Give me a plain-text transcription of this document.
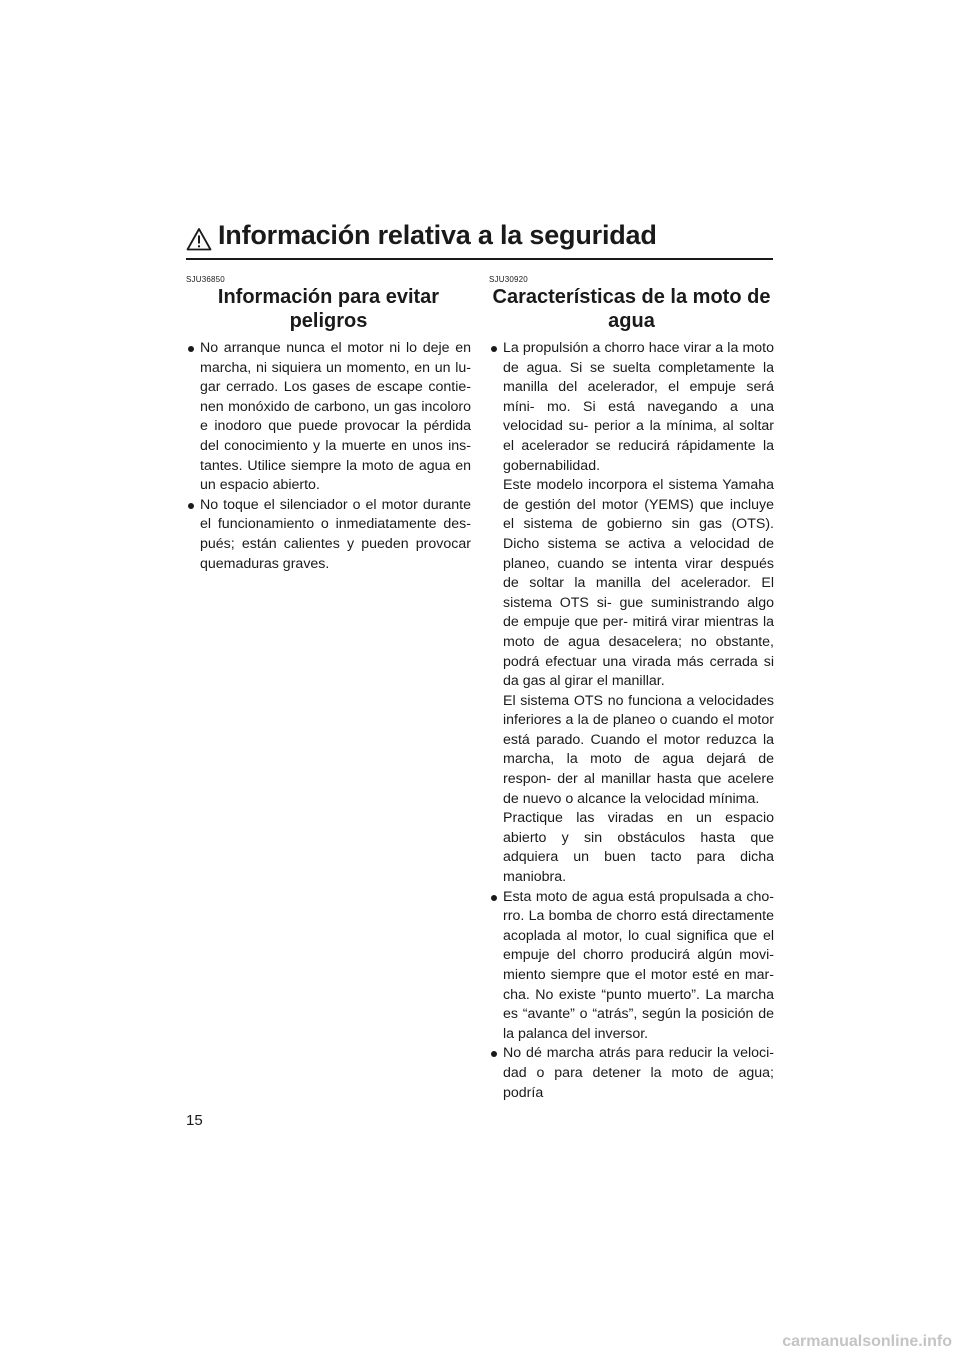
Información relativa a la seguridad
SJU36850
Información para evitar
peligros
No arranque nunca el motor ni lo deje en marcha, ni siquiera un momento, en un lu- gar cerrado. Los gases de escape contie- nen monóxido de carbono, un gas incoloro e inodoro que puede provocar la pérdida del conocimiento y la muerte en unos ins- tantes. Utilice siempre la moto de agua en un espacio abierto.
No toque el silenciador o el motor durante el funcionamiento o inmediatamente des- pués; están calientes y pueden provocar quemaduras graves.
SJU30920
Características de la moto de
agua
La propulsión a chorro hace virar a la moto de agua. Si se suelta completamente la manilla del acelerador, el empuje será míni- mo. Si está navegando a una velocidad su- perior a la mínima, al soltar el acelerador se reducirá rápidamente la gobernabilidad.
Este modelo incorpora el sistema Yamaha de gestión del motor (YEMS) que incluye el sistema de gobierno sin gas (OTS). Dicho sistema se activa a velocidad de planeo, cuando se intenta virar después de soltar la manilla del acelerador. El sistema OTS si- gue suministrando algo de empuje que per- mitirá virar mientras la moto de agua desacelera; no obstante, podrá efectuar una virada más cerrada si da gas al girar el manillar.
El sistema OTS no funciona a velocidades inferiores a la de planeo o cuando el motor está parado. Cuando el motor reduzca la marcha, la moto de agua dejará de respon- der al manillar hasta que acelere de nuevo o alcance la velocidad mínima.
Practique las viradas en un espacio abierto y sin obstáculos hasta que adquiera un buen tacto para dicha maniobra.
Esta moto de agua está propulsada a cho- rro. La bomba de chorro está directamente acoplada al motor, lo cual significa que el empuje del chorro producirá algún movi- miento siempre que el motor esté en mar- cha. No existe “punto muerto”. La marcha es “avante” o “atrás”, según la posición de la palanca del inversor.
No dé marcha atrás para reducir la veloci- dad o para detener la moto de agua; podría
15
carmanualsonline.info
